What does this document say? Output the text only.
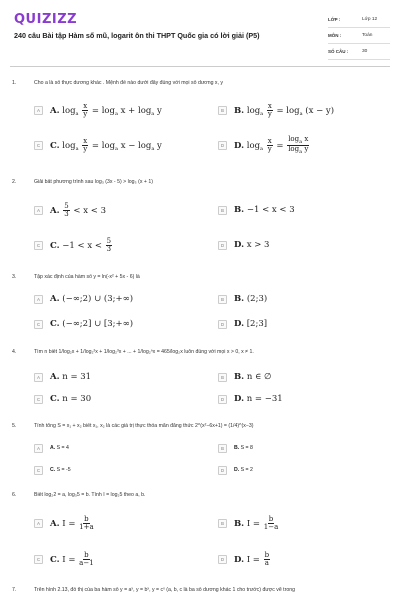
QUIZIZZ
240 câu Bài tập Hàm số mũ, logarit ôn thi THPT Quốc gia có lời giải (P5)
LỚP :	Lớp 12
MÔN :	Toán
SỐ CÂU :	30
1.	Cho a là số thực dương khác . Mệnh đề nào dưới đây đúng với mọi số dương x, y
A	A. $\log_a \frac{x}{y} = \log_a x + \log_a y$	B	B. $\log_a \frac{x}{y} = \log_a (x - y)$
C	C. $\log_a \frac{x}{y} = \log_a x - \log_a y$	D	D. $\log_a \frac{x}{y} = \frac{\log_a x}{\log_a y}$
2.	Giải bất phương trình sau log₃ (3x - 5) > log₃ (x + 1)
A	A. $\frac{5}{3} < x < 3$	B	B. −1 < x < 3
C	C. $-1 < x < \frac{5}{3}$	D	D. x > 3
3.	Tập xác định của hàm số y = ln(-x² + 5x - 6) là
A	A. (−∞;2) ∪ (3;+∞)	B	B. (2;3)
C	C. (−∞;2] ∪ [3;+∞)	D	D. [2;3]
4.	Tìm n biết 1/log₂x + 1/log₂²x + 1/log₂³x + ... + 1/log₂ⁿx = 465/log₂x luôn đúng với mọi x > 0, x ≠ 1.
A	A. n = 31	B	B. n ∈ ∅
C	C. n = 30	D	D. n = −31
5.	Tính tổng S = x₁ + x₂ biết x₁, x₂ là các giá trị thực thỏa mãn đẳng thức 2^(x²−6x+1) = (1/4)^(x−3)
A	A. S = 4	B	B. S = 8
C	C. S = -5	D	D. S = 2
6.	Biết log₂2 = a, log₃5 = b. Tính I = log₂5 theo a, b.
A	A. $I = \frac{b}{1+a}$	B	B. $I = \frac{b}{1-a}$
C	C. $I = \frac{b}{a-1}$	D	D. $I = \frac{b}{a}$
7.	Trên hình 2.13, đồ thị của ba hàm số y = aˣ, y = bˣ, y = cˣ (a, b, c là ba số dương khác 1 cho trước) được vẽ trong
